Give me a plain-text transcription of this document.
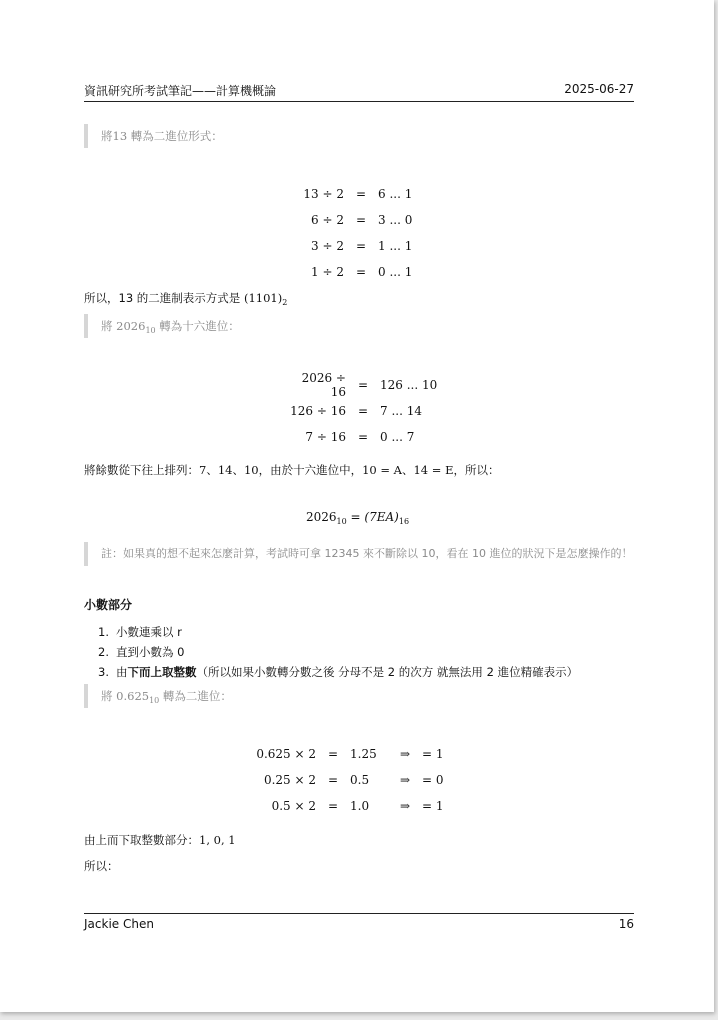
資訊研究所考試筆記——計算機概論	2025-06-27
將13 轉為二進位形式：
13 ÷ 2 = 6 ... 1
6 ÷ 2 = 3 ... 0
3 ÷ 2 = 1 ... 1
1 ÷ 2 = 0 ... 1
所以，13 的二進制表示方式是 $(1101)_2$
將 $2026_{10}$ 轉為十六進位：
2026 ÷ 16 = 126 ... 10
126 ÷ 16 = 7 ... 14
7 ÷ 16 = 0 ... 7
將餘數從下往上排列：7、14、10，由於十六進位中，10 = A、14 = E，所以：
$2026_{10} = (7EA)_{16}$
註：如果真的想不起來怎麼計算，考試時可拿 12345 來不斷除以 10，看在 10 進位的狀況下是怎麼操作的！
小數部分
1. 小數連乘以 r
2. 直到小數為 0
3. 由下而上取整數（所以如果小數轉分數之後 分母不是 2 的次方 就無法用 2 進位精確表示）
將 $0.625_{10}$ 轉為二進位：
0.625 × 2 = 1.25	⇒ = 1
0.25 × 2 = 0.5	⇒ = 0
0.5 × 2 = 1.0	⇒ = 1
由上而下取整數部分：1, 0, 1
所以：
Jackie Chen	16
